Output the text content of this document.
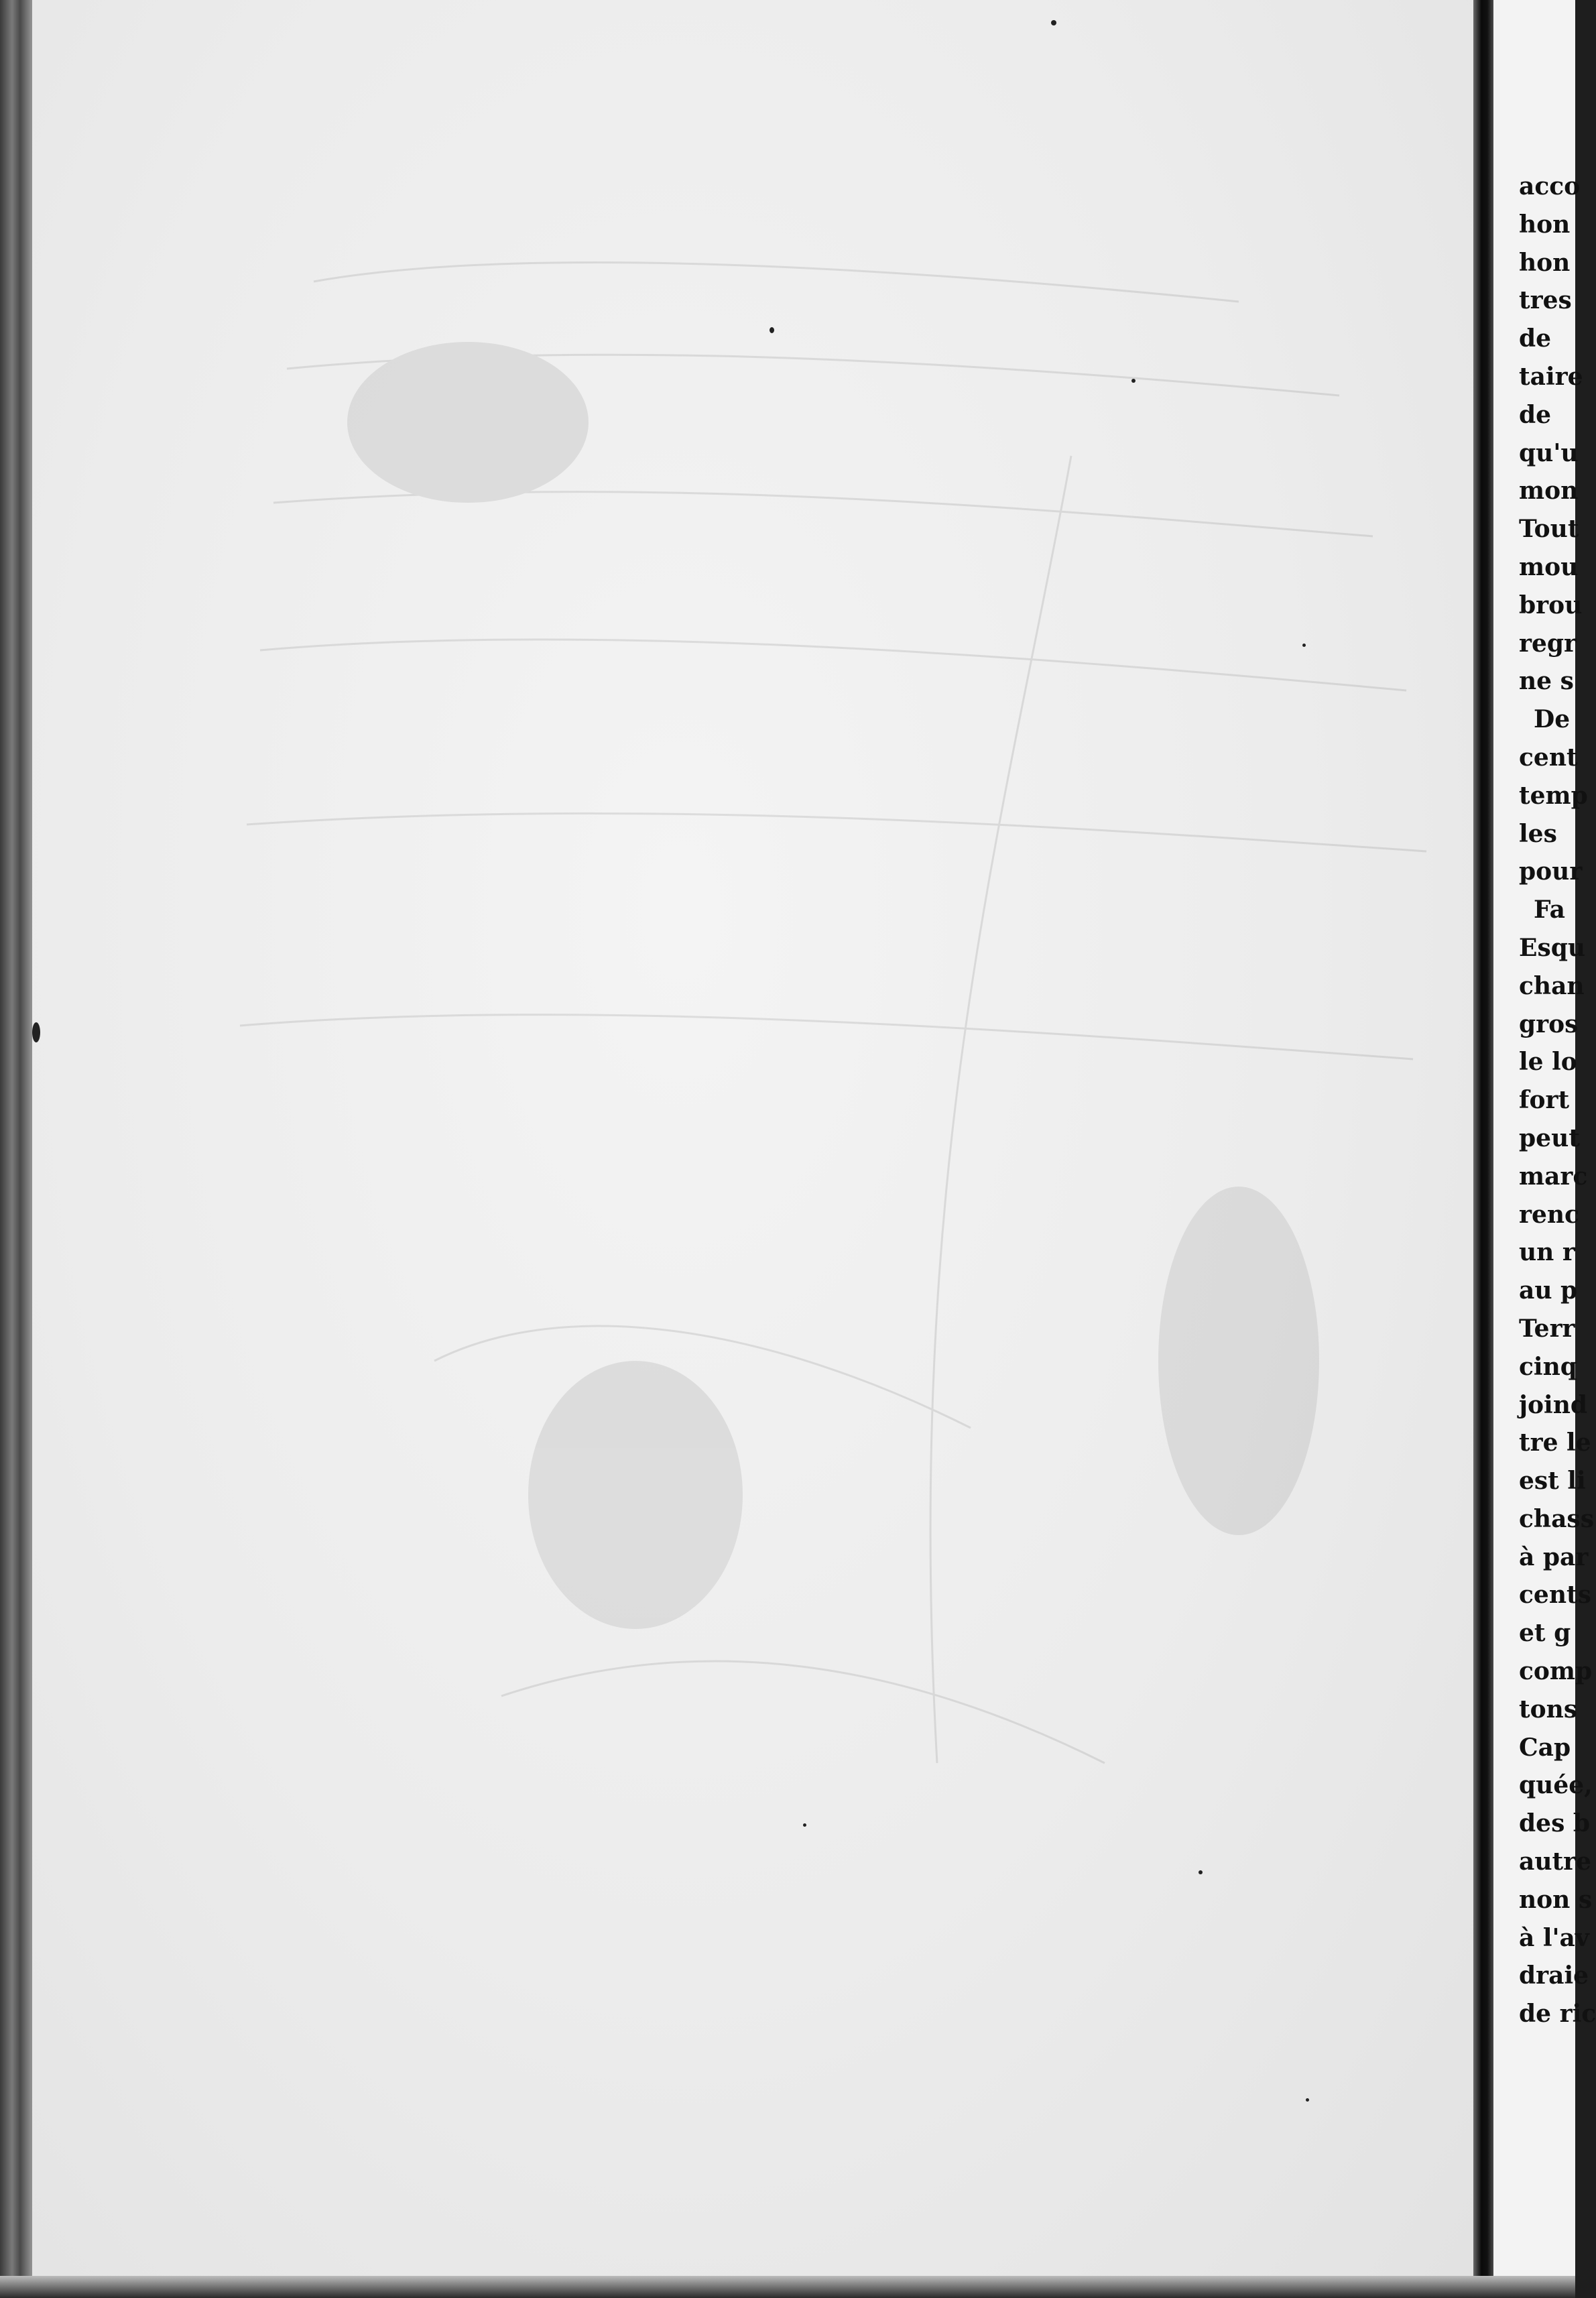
acco
hon
hon
tres
de
taire
de
qu'u
mon
Tout
mou
brou
regr
ne s
De
cent
temp
les
pour
Fa
Esqu
chan
gros
le lo
fort
peut
marc
renc
un r
au p
Terr
cinq
joind
tre le
est li
chass
à par
cents
et g
comp
tons
Cap
quée,
des b
autre
non s
à l'av
draie
de ric
